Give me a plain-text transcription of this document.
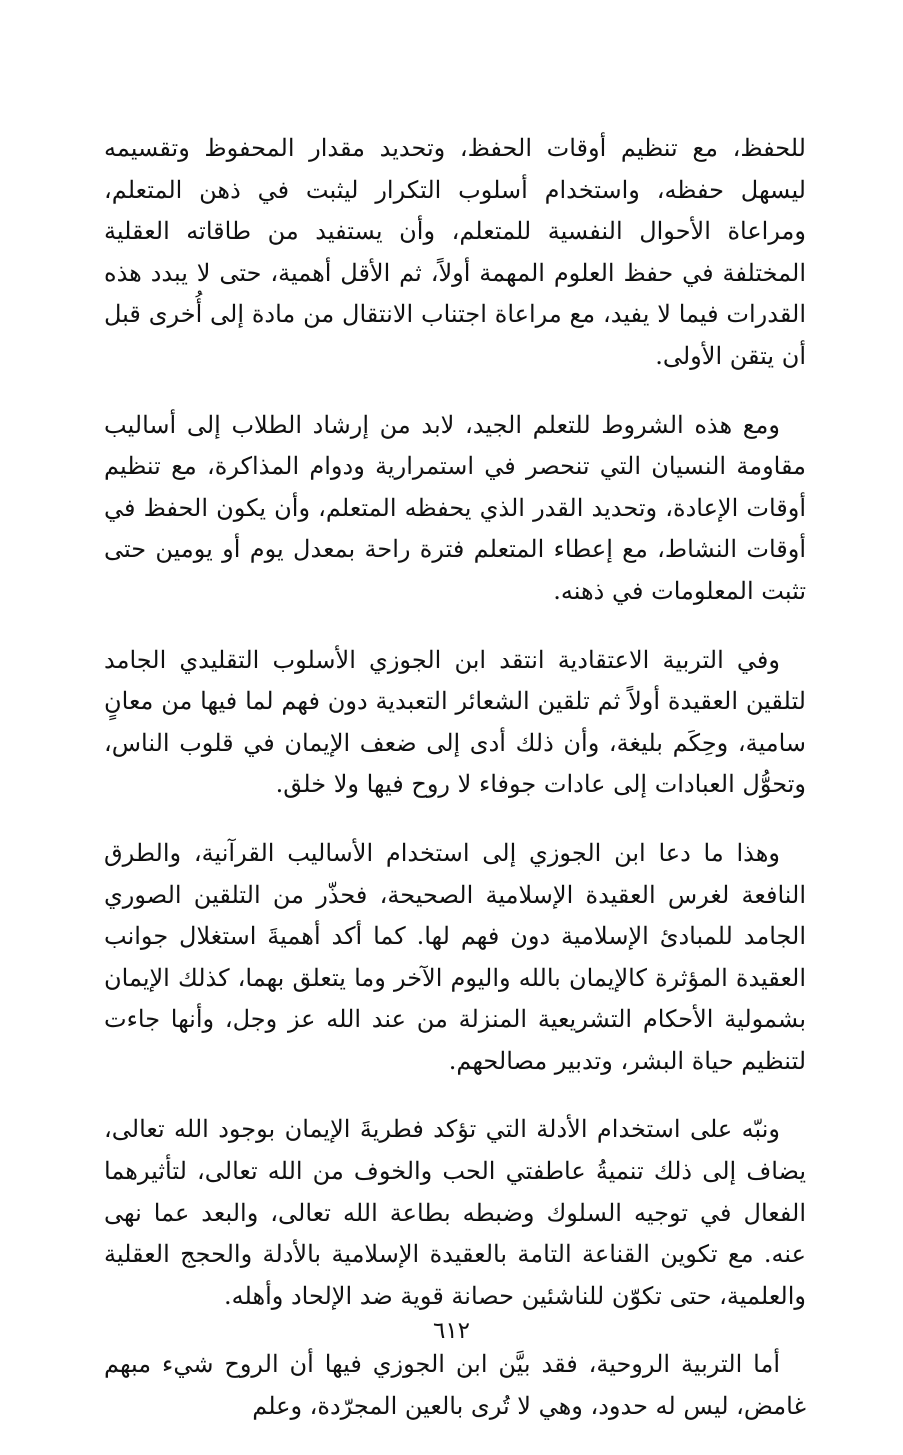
للحفظ، مع تنظيم أوقات الحفظ، وتحديد مقدار المحفوظ وتقسيمه ليسهل حفظه، واستخدام أسلوب التكرار ليثبت في ذهن المتعلم، ومراعاة الأحوال النفسية للمتعلم، وأن يستفيد من طاقاته العقلية المختلفة في حفظ العلوم المهمة أولاً، ثم الأقل أهمية، حتى لا يبدد هذه القدرات فيما لا يفيد، مع مراعاة اجتناب الانتقال من مادة إلى أُخرى قبل أن يتقن الأولى.

ومع هذه الشروط للتعلم الجيد، لابد من إرشاد الطلاب إلى أساليب مقاومة النسيان التي تنحصر في استمرارية ودوام المذاكرة، مع تنظيم أوقات الإعادة، وتحديد القدر الذي يحفظه المتعلم، وأن يكون الحفظ في أوقات النشاط، مع إعطاء المتعلم فترة راحة بمعدل يوم أو يومين حتى تثبت المعلومات في ذهنه.

وفي التربية الاعتقادية انتقد ابن الجوزي الأسلوب التقليدي الجامد لتلقين العقيدة أولاً ثم تلقين الشعائر التعبدية دون فهم لما فيها من معانٍ سامية، وحِكَم بليغة، وأن ذلك أدى إلى ضعف الإيمان في قلوب الناس، وتحوُّل العبادات إلى عادات جوفاء لا روح فيها ولا خلق.

وهذا ما دعا ابن الجوزي إلى استخدام الأساليب القرآنية، والطرق النافعة لغرس العقيدة الإسلامية الصحيحة، فحذّر من التلقين الصوري الجامد للمبادئ الإسلامية دون فهم لها. كما أكد أهميةَ استغلال جوانب العقيدة المؤثرة كالإيمان بالله واليوم الآخر وما يتعلق بهما، كذلك الإيمان بشمولية الأحكام التشريعية المنزلة من عند الله عز وجل، وأنها جاءت لتنظيم حياة البشر، وتدبير مصالحهم.

ونبّه على استخدام الأدلة التي تؤكد فطريةَ الإيمان بوجود الله تعالى، يضاف إلى ذلك تنميةُ عاطفتي الحب والخوف من الله تعالى، لتأثيرهما الفعال في توجيه السلوك وضبطه بطاعة الله تعالى، والبعد عما نهى عنه. مع تكوين القناعة التامة بالعقيدة الإسلامية بالأدلة والحجج العقلية والعلمية، حتى تكوّن للناشئين حصانة قوية ضد الإلحاد وأهله.

أما التربية الروحية، فقد بيَّن ابن الجوزي فيها أن الروح شيء مبهم غامض، ليس له حدود، وهي لا تُرى بالعين المجرّدة، وعلم

٦١٢
